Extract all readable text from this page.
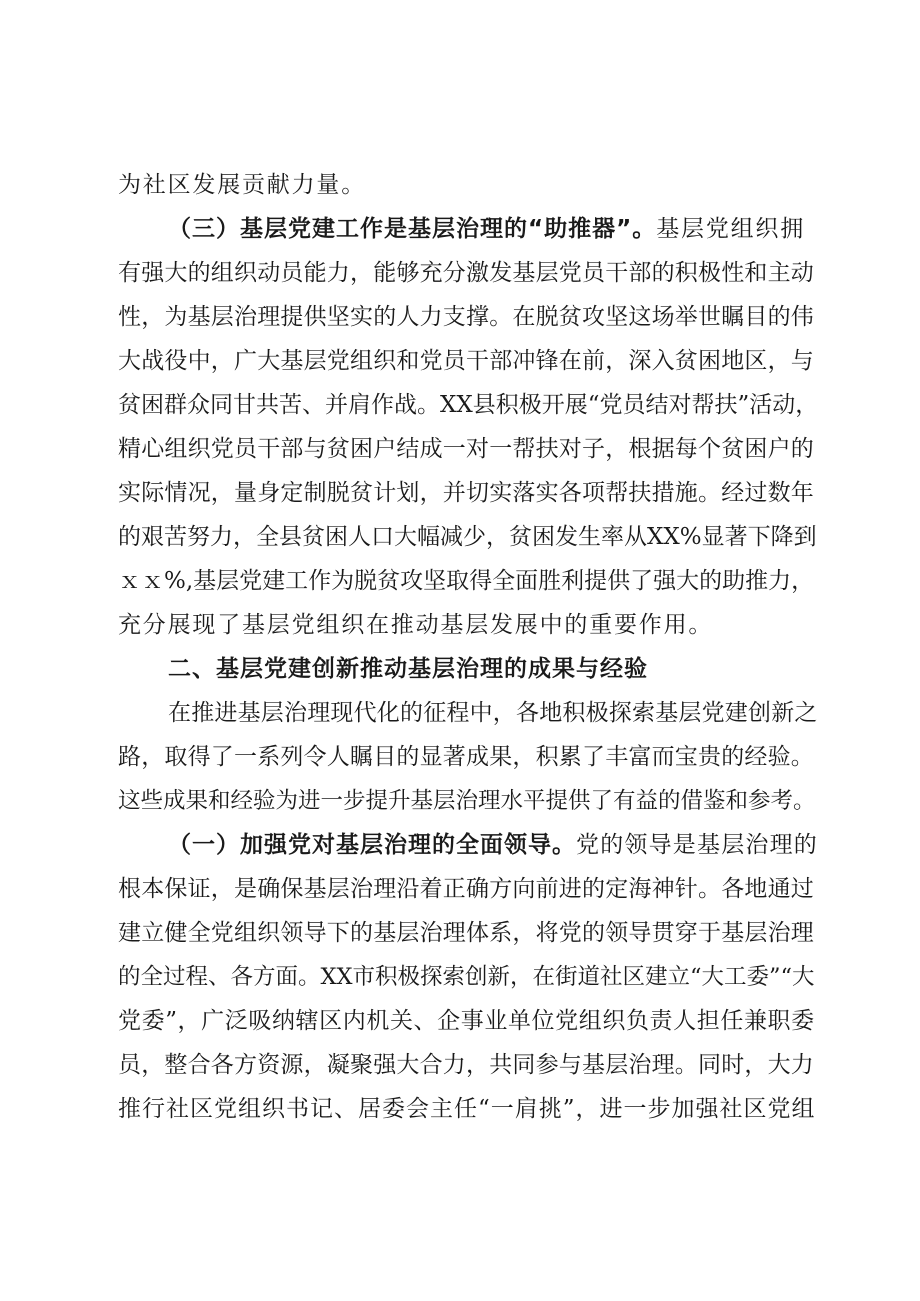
为社区发展贡献力量。
（三）基层党建工作是基层治理的“助推器”。基层党组织拥
有强大的组织动员能力，能够充分激发基层党员干部的积极性和主动
性，为基层治理提供坚实的人力支撑。在脱贫攻坚这场举世瞩目的伟
大战役中，广大基层党组织和党员干部冲锋在前，深入贫困地区，与
贫困群众同甘共苦、并肩作战。XX县积极开展“党员结对帮扶”活动，
精心组织党员干部与贫困户结成一对一帮扶对子，根据每个贫困户的
实际情况，量身定制脱贫计划，并切实落实各项帮扶措施。经过数年
的艰苦努力，全县贫困人口大幅减少，贫困发生率从XX%显著下降到
ｘｘ%,基层党建工作为脱贫攻坚取得全面胜利提供了强大的助推力，
充分展现了基层党组织在推动基层发展中的重要作用。
二、基层党建创新推动基层治理的成果与经验
在推进基层治理现代化的征程中，各地积极探索基层党建创新之
路，取得了一系列令人瞩目的显著成果，积累了丰富而宝贵的经验。
这些成果和经验为进一步提升基层治理水平提供了有益的借鉴和参考。
（一）加强党对基层治理的全面领导。党的领导是基层治理的
根本保证，是确保基层治理沿着正确方向前进的定海神针。各地通过
建立健全党组织领导下的基层治理体系，将党的领导贯穿于基层治理
的全过程、各方面。XX市积极探索创新，在街道社区建立“大工委”“大
党委”，广泛吸纳辖区内机关、企事业单位党组织负责人担任兼职委
员，整合各方资源，凝聚强大合力，共同参与基层治理。同时，大力
推行社区党组织书记、居委会主任“一肩挑”，进一步加强社区党组
